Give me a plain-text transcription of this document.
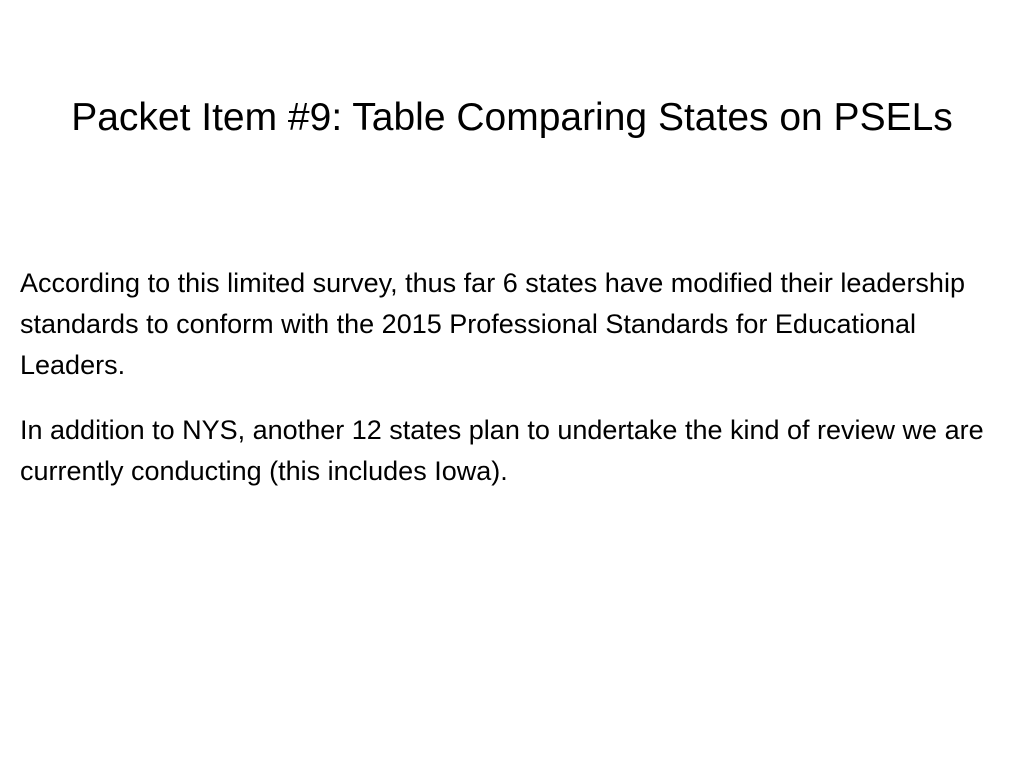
Packet Item #9: Table Comparing States on PSELs

According to this limited survey, thus far 6 states have modified their leadership standards to conform with the 2015 Professional Standards for Educational Leaders.

In addition to NYS, another 12 states plan to undertake the kind of review we are currently conducting (this includes Iowa).
